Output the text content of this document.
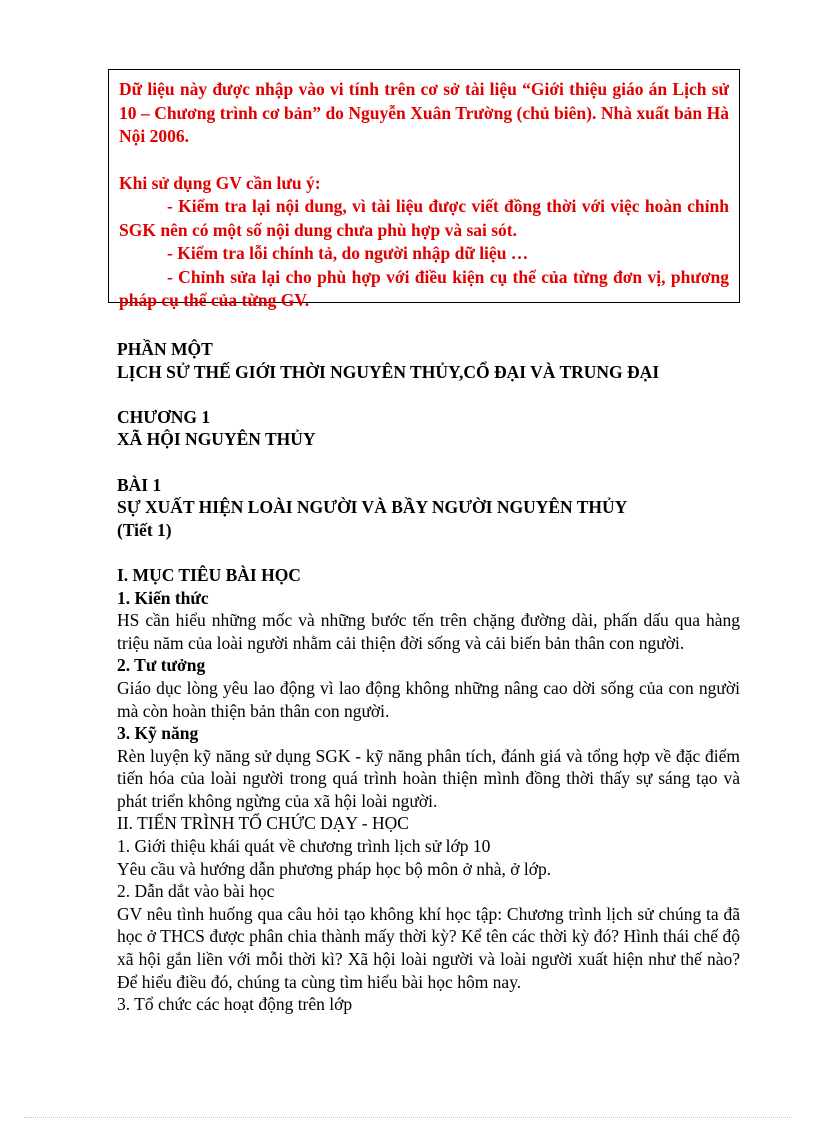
Dữ liệu này được nhập vào vi tính trên cơ sở tài liệu “Giới thiệu giáo án Lịch sử 10 – Chương trình cơ bản” do Nguyễn Xuân Trường (chủ biên). Nhà xuất bản Hà Nội 2006.

Khi sử dụng GV cần lưu ý:

- Kiểm tra lại nội dung, vì tài liệu được viết đồng thời với việc hoàn chỉnh SGK nên có một số nội dung chưa phù hợp và sai sót.

- Kiểm tra lỗi chính tả, do người nhập dữ liệu …

- Chỉnh sửa lại cho phù hợp với điều kiện cụ thể của từng đơn vị, phương pháp cụ thể của từng GV.

PHẦN MỘT

LỊCH SỬ THẾ GIỚI THỜI NGUYÊN THỦY,CỔ ĐẠI VÀ TRUNG ĐẠI

CHƯƠNG 1

XÃ HỘI NGUYÊN THỦY

BÀI 1

SỰ XUẤT HIỆN LOÀI NGƯỜI VÀ BẦY NGƯỜI NGUYÊN THỦY

(Tiết 1)

I. MỤC TIÊU BÀI HỌC

1. Kiến thức

HS cần hiểu những mốc và những bước tến trên chặng đường dài, phấn dấu qua hàng triệu năm của loài người nhằm cải thiện đời sống và cải biến bản thân con người.

2. Tư tưởng

Giáo dục lòng yêu lao động vì lao động không những nâng cao dời sống của con người mà còn hoàn thiện bản thân con người.

3. Kỹ năng

Rèn luyện kỹ năng sử dụng SGK - kỹ năng phân tích, đánh giá và tổng hợp về đặc điểm tiến hóa của loài người trong quá trình hoàn thiện mình đồng thời thấy sự sáng tạo và phát triển không ngừng của xã hội loài người.

II. TIẾN TRÌNH TỔ CHỨC DẠY - HỌC

1. Giới thiệu khái quát về chương trình lịch sử lớp 10

Yêu cầu và hướng dẫn phương pháp học bộ môn ở nhà, ở lớp.

2. Dẫn dắt vào bài học

GV nêu tình huống qua câu hỏi tạo không khí học tập: Chương trình lịch sử chúng ta đã học ở THCS được phân chia thành mấy thời kỳ? Kể tên các thời kỳ đó? Hình thái chế độ xã hội gắn liền với mỗi thời kì? Xã hội loài người và loài người xuất hiện như thế nào? Để hiểu điều đó, chúng ta cùng tìm hiểu bài học hôm nay.

3. Tổ chức các hoạt động trên lớp
